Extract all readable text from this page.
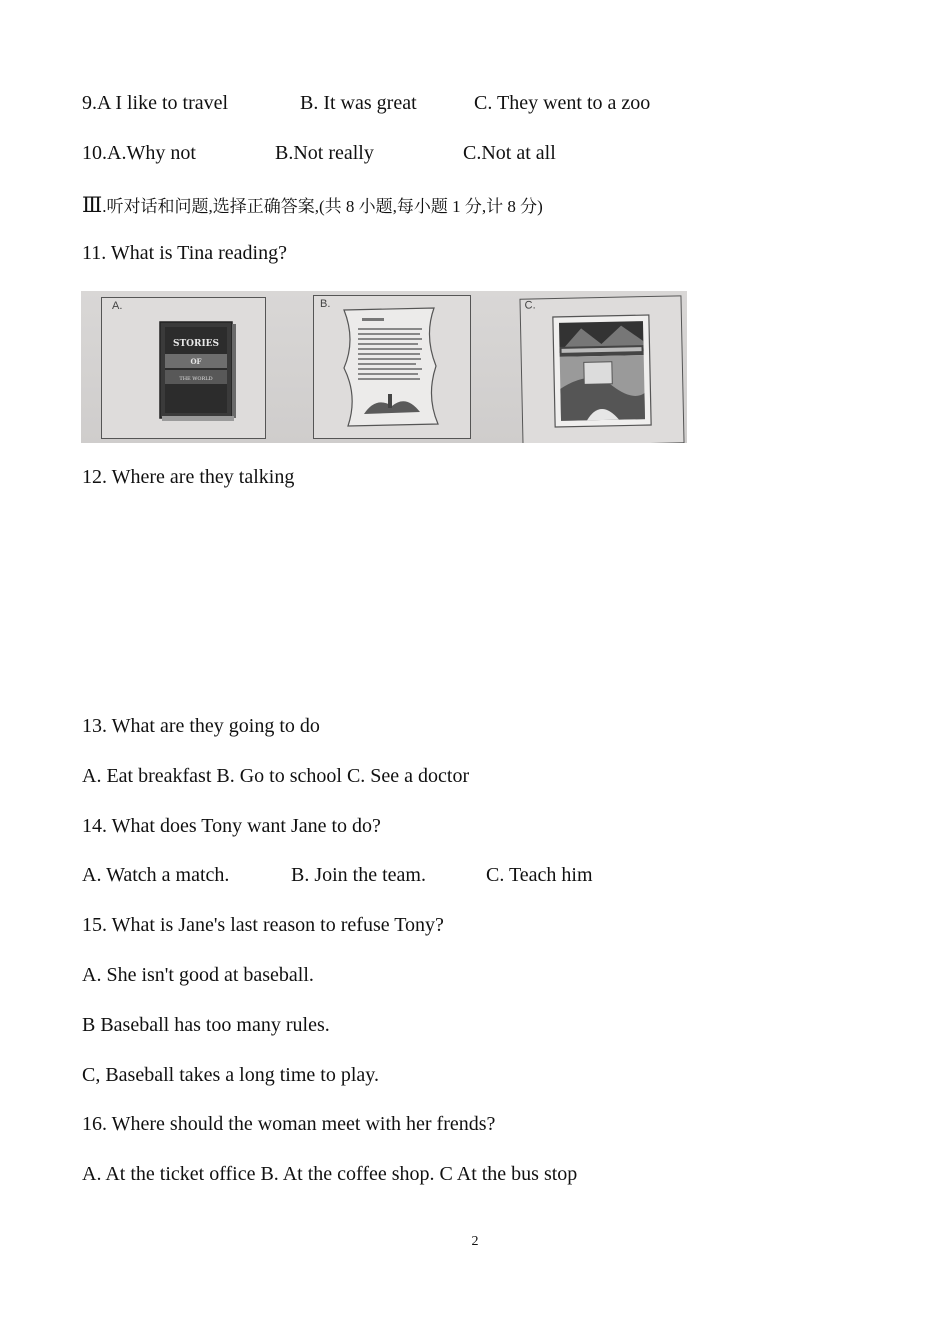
9.A I like to travel	B. It was great	C. They went to a zoo
10.A.Why not	B.Not really	C.Not at all
Ⅲ.听对话和问题,选择正确答案,(共 8 小题,每小题 1 分,计 8 分)
11. What is Tina reading?
A.
STORIES
OF
THE WORLD
B.	C.
12. Where are they talking
13. What are they going to do
A. Eat breakfast B. Go to school C. See a doctor
14. What does Tony want Jane to do?
A. Watch a match.	B. Join the team.	C. Teach him
15. What is Jane's last reason to refuse Tony?
A. She isn't good at baseball.
B Baseball has too many rules.
C, Baseball takes a long time to play.
16. Where should the woman meet with her frends?
A. At the ticket office B. At the coffee shop. C At the bus stop
2
